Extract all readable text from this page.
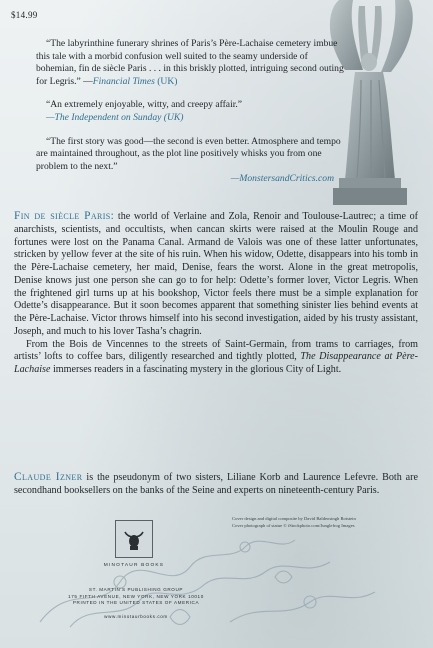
$14.99

“The labyrinthine funerary shrines of Paris’s Père-Lachaise cemetery imbue this tale with a morbid confusion well suited to the seamy underside of bohemian, fin de siècle Paris . . . in this briskly plotted, intriguing second outing for Legris.” —Financial Times (UK)

“An extremely enjoyable, witty, and creepy affair.”
—The Independent on Sunday (UK)

“The first story was good—the second is even better. Atmosphere and tempo are maintained throughout, as the plot line positively whisks you from one problem to the next.”

—MonstersandCritics.com

Fin de siècle Paris: the world of Verlaine and Zola, Renoir and Toulouse-Lautrec; a time of anarchists, scientists, and occultists, when cancan skirts were raised at the Moulin Rouge and fortunes were lost on the Panama Canal. Armand de Valois was one of these latter unfortunates, stricken by yellow fever at the site of his ruin. When his widow, Odette, disappears into his tomb in the Père-Lachaise cemetery, her maid, Denise, fears the worst. Alone in the great metropolis, Denise knows just one person she can go to for help: Odette’s former lover, Victor Legris. When the frightened girl turns up at his bookshop, Victor feels there must be a simple explanation for Odette’s disappearance. But it soon becomes apparent that something sinister lies behind events at the Père-Lachaise. Victor throws himself into his second investigation, aided by his trusty assistant, Joseph, and much to his lover Tasha’s chagrin.

From the Bois de Vincennes to the streets of Saint-Germain, from trams to carriages, from artists’ lofts to coffee bars, diligently researched and tightly plotted, The Disappearance at Père-Lachaise immerses readers in a fascinating mystery in the glorious City of Light.

Claude Izner is the pseudonym of two sisters, Liliane Korb and Laurence Lefevre. Both are secondhand booksellers on the banks of the Seine and experts on nineteenth-century Paris.

Cover design and digital composite by David Baldeosingh Rotstein
Cover photograph of statue © iStockphoto.com/Junglefrog Images
MINOTAUR BOOKS
ST. MARTIN’S PUBLISHING GROUP
175 FIFTH AVENUE, NEW YORK, NEW YORK 10010
PRINTED IN THE UNITED STATES OF AMERICA
www.minotaurbooks.com
